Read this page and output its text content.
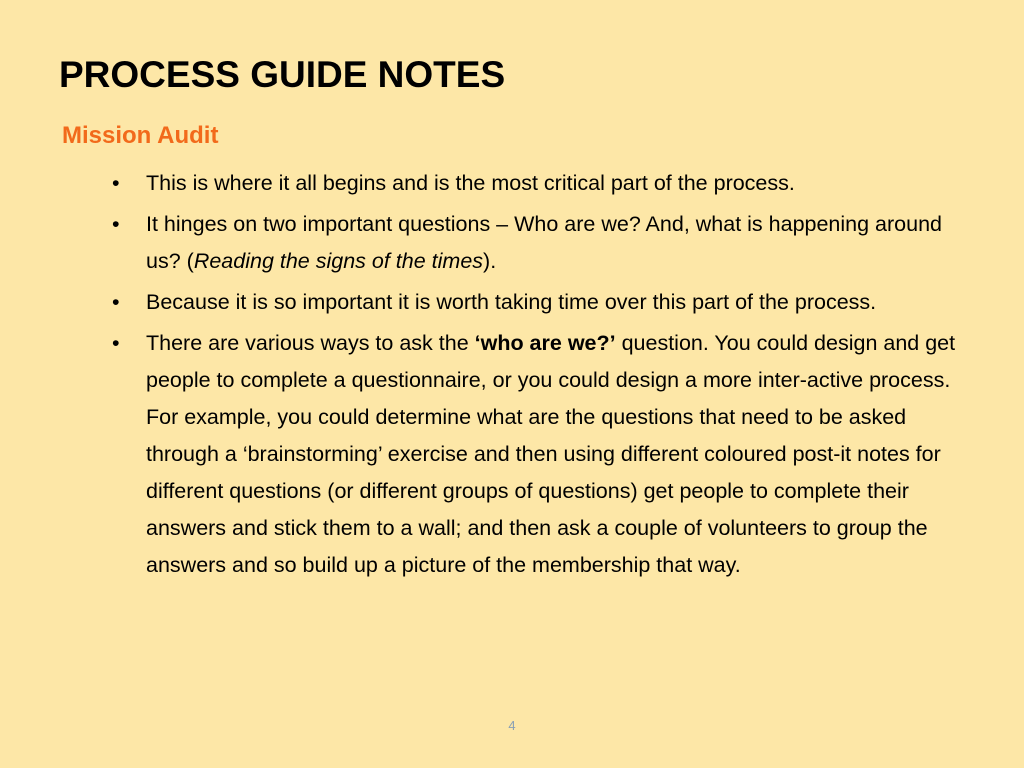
PROCESS GUIDE NOTES
Mission Audit
• This is where it all begins and is the most critical part of the process.
• It hinges on two important questions – Who are we? And, what is happening around us? (Reading the signs of the times).
• Because it is so important it is worth taking time over this part of the process.
• There are various ways to ask the ‘who are we?’ question. You could design and get people to complete a questionnaire, or you could design a more inter-active process. For example, you could determine what are the questions that need to be asked through a ‘brainstorming’ exercise and then using different coloured post-it notes for different questions (or different groups of questions) get people to complete their answers and stick them to a wall; and then ask a couple of volunteers to group the answers and so build up a picture of the membership that way.
4
